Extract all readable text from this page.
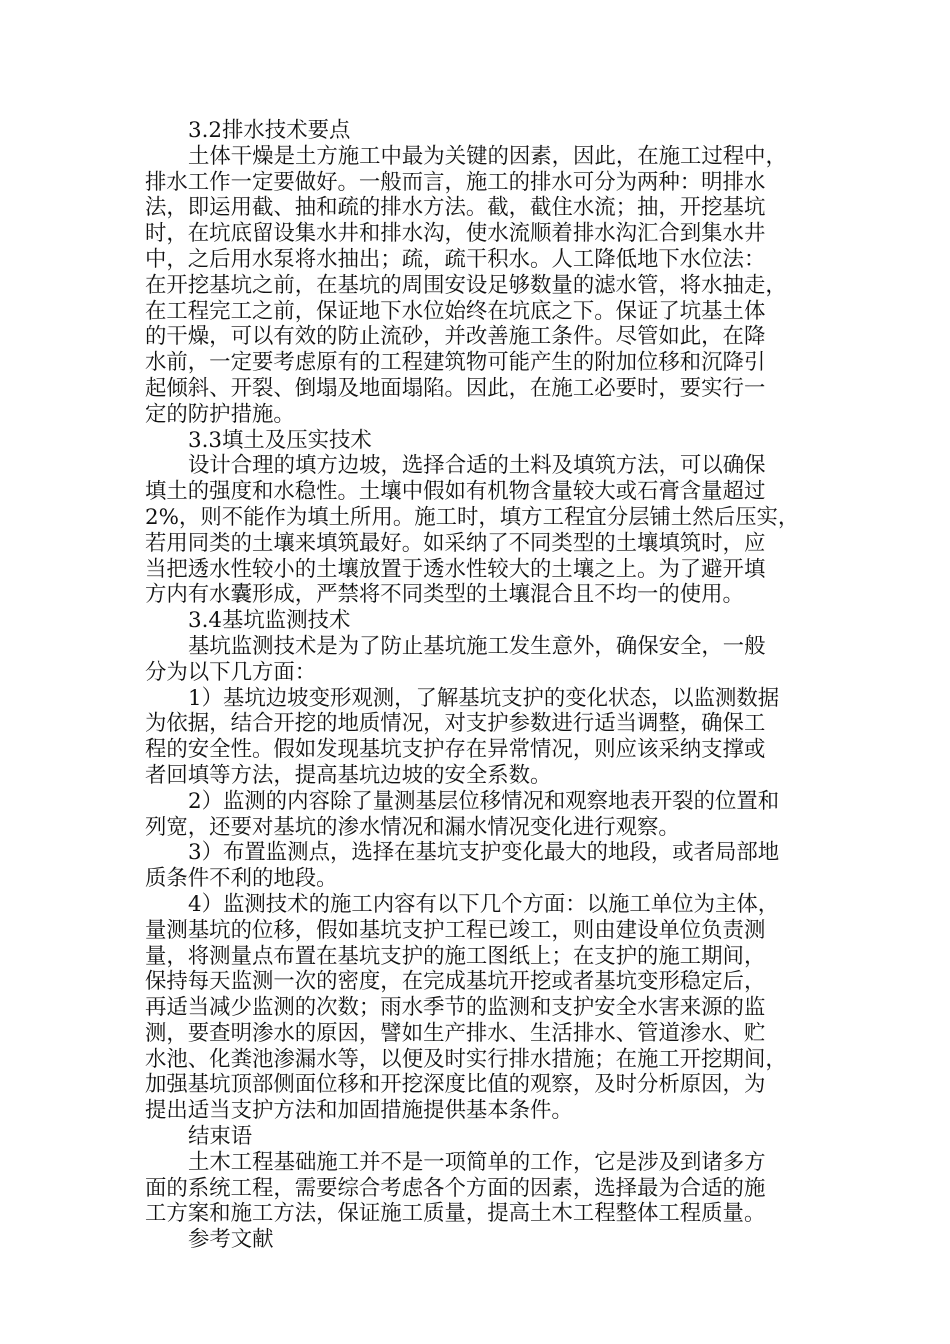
3.2排水技术要点
土体干燥是土方施工中最为关键的因素，因此，在施工过程中，
排水工作一定要做好。一般而言，施工的排水可分为两种：明排水
法，即运用截、抽和疏的排水方法。截，截住水流；抽，开挖基坑
时，在坑底留设集水井和排水沟，使水流顺着排水沟汇合到集水井
中，之后用水泵将水抽出；疏，疏干积水。人工降低地下水位法：
在开挖基坑之前，在基坑的周围安设足够数量的滤水管，将水抽走，
在工程完工之前，保证地下水位始终在坑底之下。保证了坑基土体
的干燥，可以有效的防止流砂，并改善施工条件。尽管如此，在降
水前，一定要考虑原有的工程建筑物可能产生的附加位移和沉降引
起倾斜、开裂、倒塌及地面塌陷。因此，在施工必要时，要实行一
定的防护措施。
3.3填土及压实技术
设计合理的填方边坡，选择合适的土料及填筑方法，可以确保
填土的强度和水稳性。土壤中假如有机物含量较大或石膏含量超过
2%，则不能作为填土所用。施工时，填方工程宜分层铺土然后压实，
若用同类的土壤来填筑最好。如采纳了不同类型的土壤填筑时，应
当把透水性较小的土壤放置于透水性较大的土壤之上。为了避开填
方内有水囊形成，严禁将不同类型的土壤混合且不均一的使用。
3.4基坑监测技术
基坑监测技术是为了防止基坑施工发生意外，确保安全，一般
分为以下几方面：
1）基坑边坡变形观测，了解基坑支护的变化状态，以监测数据
为依据，结合开挖的地质情况，对支护参数进行适当调整，确保工
程的安全性。假如发现基坑支护存在异常情况，则应该采纳支撑或
者回填等方法，提高基坑边坡的安全系数。
2）监测的内容除了量测基层位移情况和观察地表开裂的位置和
列宽，还要对基坑的渗水情况和漏水情况变化进行观察。
3）布置监测点，选择在基坑支护变化最大的地段，或者局部地
质条件不利的地段。
4）监测技术的施工内容有以下几个方面：以施工单位为主体，
量测基坑的位移，假如基坑支护工程已竣工，则由建设单位负责测
量，将测量点布置在基坑支护的施工图纸上；在支护的施工期间，
保持每天监测一次的密度，在完成基坑开挖或者基坑变形稳定后，
再适当减少监测的次数；雨水季节的监测和支护安全水害来源的监
测，要查明渗水的原因，譬如生产排水、生活排水、管道渗水、贮
水池、化粪池渗漏水等，以便及时实行排水措施；在施工开挖期间，
加强基坑顶部侧面位移和开挖深度比值的观察，及时分析原因，为
提出适当支护方法和加固措施提供基本条件。
结束语
土木工程基础施工并不是一项简单的工作，它是涉及到诸多方
面的系统工程，需要综合考虑各个方面的因素，选择最为合适的施
工方案和施工方法，保证施工质量，提高土木工程整体工程质量。
参考文献
